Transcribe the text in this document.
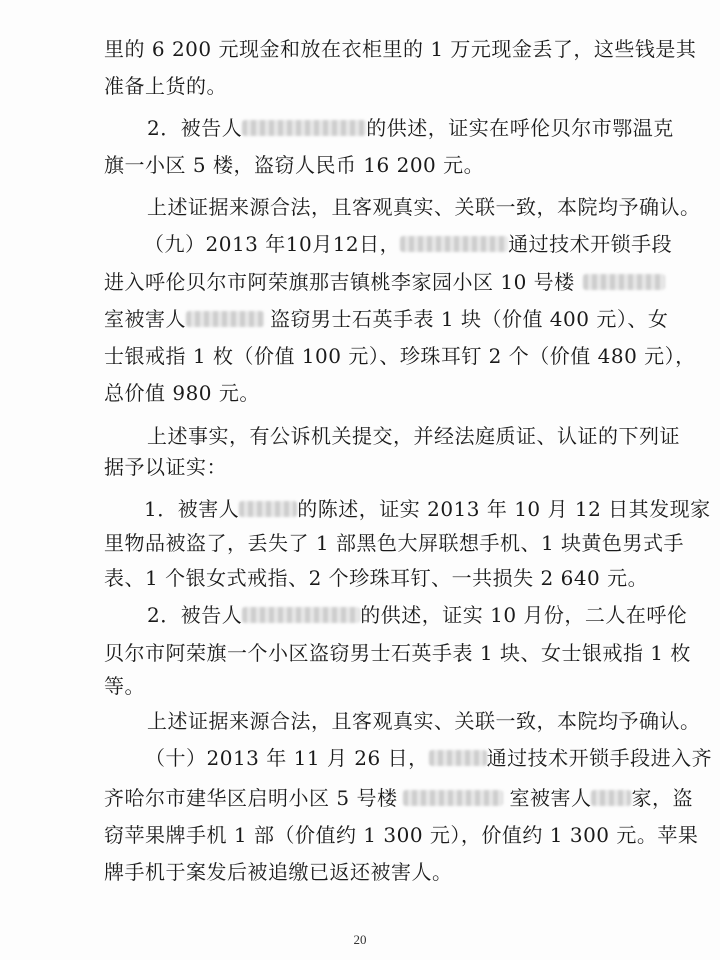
里的 6 200 元现金和放在衣柜里的 1 万元现金丢了，这些钱是其
准备上货的。
2．被告人	的供述，证实在呼伦贝尔市鄂温克
旗一小区 5 楼，盗窃人民币 16 200 元。
上述证据来源合法，且客观真实、关联一致，本院均予确认。
（九）2013 年10月12日，	通过技术开锁手段
进入呼伦贝尔市阿荣旗那吉镇桃李家园小区 10 号楼
室被害人	盗窃男士石英手表 1 块（价值 400 元）、女
士银戒指 1 枚（价值 100 元）、珍珠耳钉 2 个（价值 480 元），
总价值 980 元。
上述事实，有公诉机关提交，并经法庭质证、认证的下列证
据予以证实：
1．被害人	的陈述，证实 2013 年 10 月 12 日其发现家
里物品被盗了，丢失了 1 部黑色大屏联想手机、1 块黄色男式手
表、1 个银女式戒指、2 个珍珠耳钉、一共损失 2 640 元。
2．被告人	的供述，证实 10 月份，二人在呼伦
贝尔市阿荣旗一个小区盗窃男士石英手表 1 块、女士银戒指 1 枚
等。
上述证据来源合法，且客观真实、关联一致，本院均予确认。
（十）2013 年 11 月 26 日，	通过技术开锁手段进入齐
齐哈尔市建华区启明小区 5 号楼	室被害人 家，盗
窃苹果牌手机 1 部（价值约 1 300 元），价值约 1 300 元。苹果
牌手机于案发后被追缴已返还被害人。
20
